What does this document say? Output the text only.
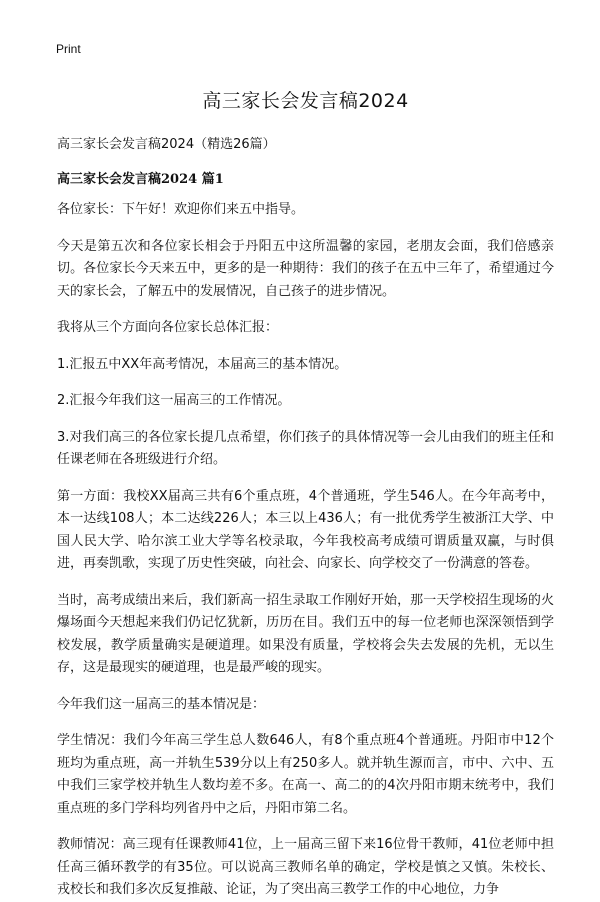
Print
高三家长会发言稿2024
高三家长会发言稿2024（精选26篇）
高三家长会发言稿2024 篇1

各位家长：下午好！欢迎你们来五中指导。

今天是第五次和各位家长相会于丹阳五中这所温馨的家园，老朋友会面，我们倍感亲切。各位家长今天来五中，更多的是一种期待：我们的孩子在五中三年了，希望通过今天的家长会，了解五中的发展情况，自己孩子的进步情况。

我将从三个方面向各位家长总体汇报：

1.汇报五中XX年高考情况，本届高三的基本情况。

2.汇报今年我们这一届高三的工作情况。

3.对我们高三的各位家长提几点希望，你们孩子的具体情况等一会儿由我们的班主任和任课老师在各班级进行介绍。

第一方面：我校XX届高三共有6个重点班，4个普通班，学生546人。在今年高考中，本一达线108人；本二达线226人；本三以上436人；有一批优秀学生被浙江大学、中国人民大学、哈尔滨工业大学等名校录取，今年我校高考成绩可谓质量双赢，与时俱进，再奏凯歌，实现了历史性突破，向社会、向家长、向学校交了一份满意的答卷。

当时，高考成绩出来后，我们新高一招生录取工作刚好开始，那一天学校招生现场的火爆场面今天想起来我们仍记忆犹新，历历在目。我们五中的每一位老师也深深领悟到学校发展，教学质量确实是硬道理。如果没有质量，学校将会失去发展的先机，无以生存，这是最现实的硬道理，也是最严峻的现实。

今年我们这一届高三的基本情况是：

学生情况：我们今年高三学生总人数646人，有8个重点班4个普通班。丹阳市中12个班均为重点班，高一并轨生539分以上有250多人。就并轨生源而言，市中、六中、五中我们三家学校并轨生人数均差不多。在高一、高二的的4次丹阳市期末统考中，我们重点班的多门学科均列省丹中之后，丹阳市第二名。

教师情况：高三现有任课教师41位，上一届高三留下来16位骨干教师，41位老师中担任高三循环教学的有35位。可以说高三教师名单的确定，学校是慎之又慎。朱校长、戎校长和我们多次反复推敲、论证，为了突出高三教学工作的中心地位，力争
